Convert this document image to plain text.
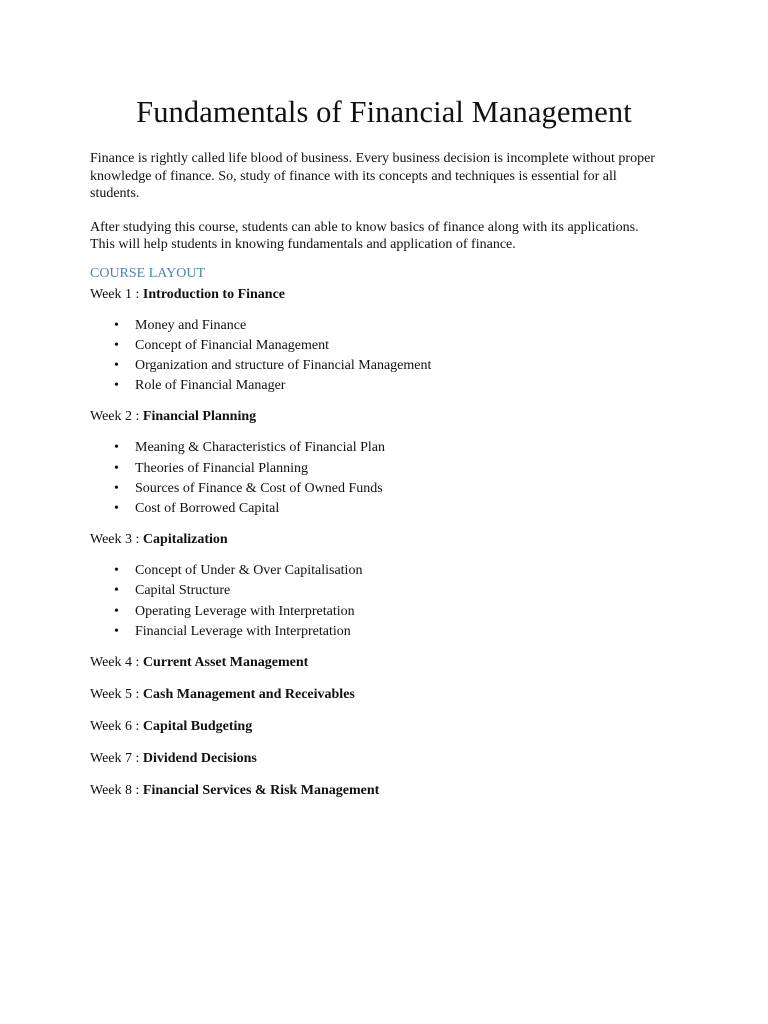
Fundamentals of Financial Management

Finance is rightly called life blood of business. Every business decision is incomplete without proper knowledge of finance. So, study of finance with its concepts and techniques is essential for all students.

After studying this course, students can able to know basics of finance along with its applications. This will help students in knowing fundamentals and application of finance.

COURSE LAYOUT

Week 1 : Introduction to Finance

• Money and Finance
• Concept of Financial Management
• Organization and structure of Financial Management
• Role of Financial Manager

Week 2 : Financial Planning

• Meaning & Characteristics of Financial Plan
• Theories of Financial Planning
• Sources of Finance & Cost of Owned Funds
• Cost of Borrowed Capital

Week 3 : Capitalization

• Concept of Under & Over Capitalisation
• Capital Structure
• Operating Leverage with Interpretation
• Financial Leverage with Interpretation

Week 4 : Current Asset Management

Week 5 : Cash Management and Receivables

Week 6 : Capital Budgeting

Week 7 : Dividend Decisions

Week 8 : Financial Services & Risk Management
